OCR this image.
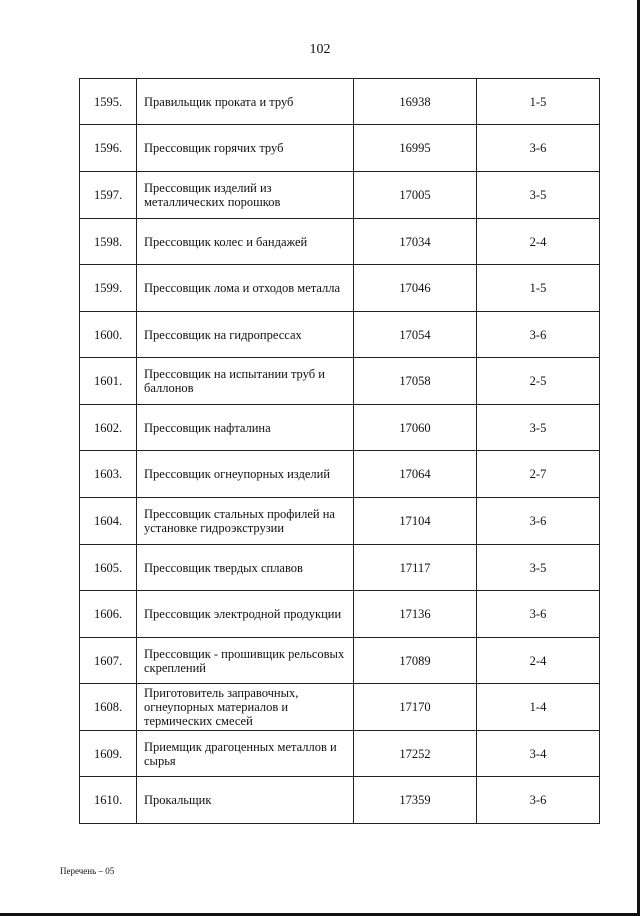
102
1595.	Правильщик проката и труб	16938	1-5
1596.	Прессовщик горячих труб	16995	3-6
1597.	Прессовщик изделий из металлических порошков	17005	3-5
1598.	Прессовщик колес и бандажей	17034	2-4
1599.	Прессовщик лома и отходов металла	17046	1-5
1600.	Прессовщик на гидропрессах	17054	3-6
1601.	Прессовщик на испытании труб и баллонов	17058	2-5
1602.	Прессовщик нафталина	17060	3-5
1603.	Прессовщик огнеупорных изделий	17064	2-7
1604.	Прессовщик стальных профилей на установке гидроэкструзии	17104	3-6
1605.	Прессовщик твердых сплавов	17117	3-5
1606.	Прессовщик электродной продукции	17136	3-6
1607.	Прессовщик - прошивщик рельсовых скреплений	17089	2-4
1608.	Приготовитель заправочных, огнеупорных материалов и термических смесей	17170	1-4
1609.	Приемщик драгоценных металлов и сырья	17252	3-4
1610.	Прокальщик	17359	3-6
Перечень – 05
